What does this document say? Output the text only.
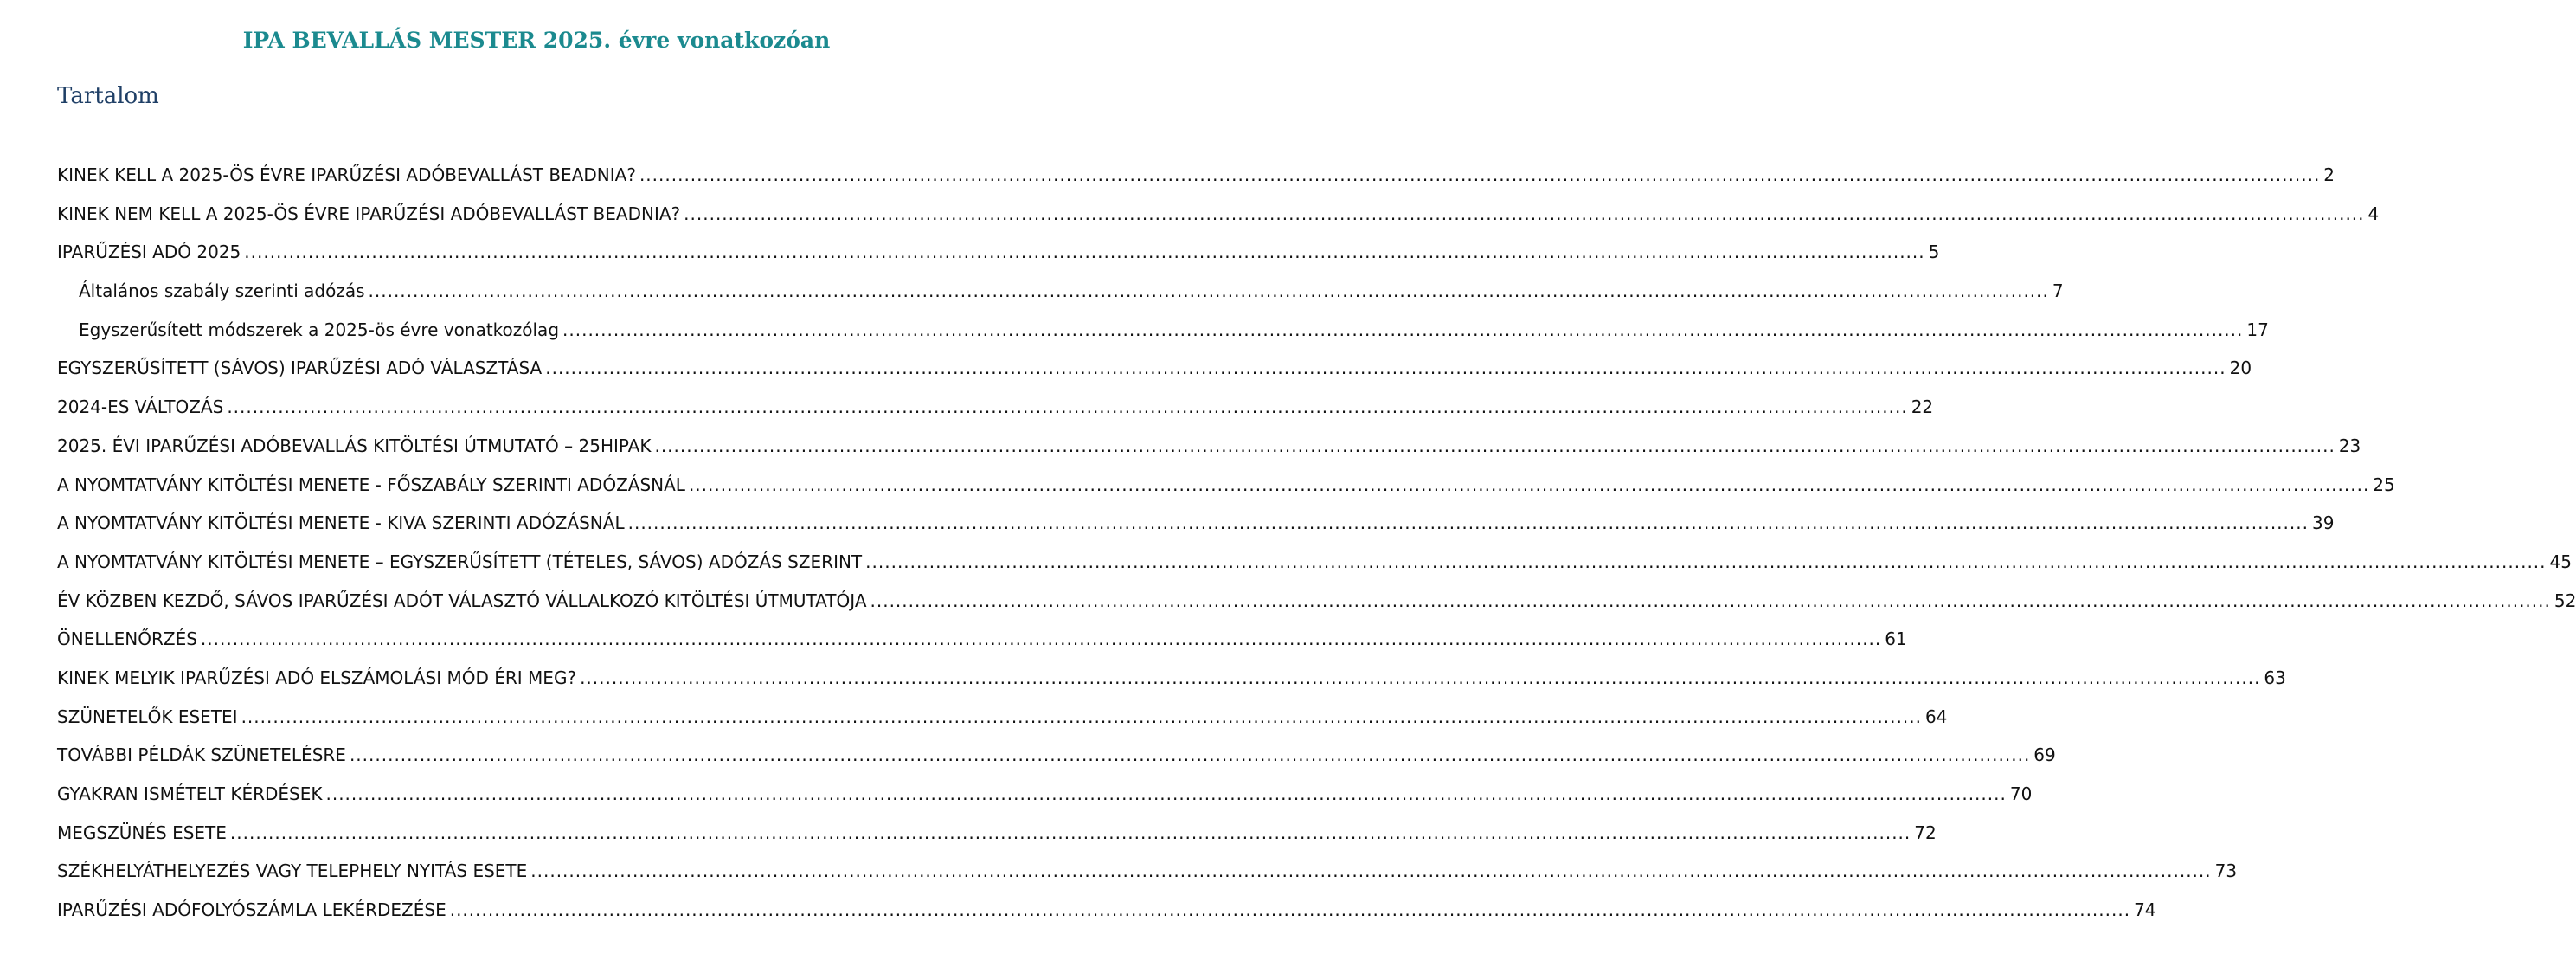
IPA BEVALLÁS MESTER 2025. évre vonatkozóan
Tartalom
KINEK KELL A 2025-ÖS ÉVRE IPARŰZÉSI ADÓBEVALLÁST BEADNIA? .....	2
KINEK NEM KELL A 2025-ÖS ÉVRE IPARŰZÉSI ADÓBEVALLÁST BEADNIA? .....	4
IPARŰZÉSI ADÓ 2025 .....	5
Általános szabály szerinti adózás .....	7
Egyszerűsített módszerek a 2025-ös évre vonatkozólag .....	17
EGYSZERŰSÍTETT (SÁVOS) IPARŰZÉSI ADÓ VÁLASZTÁSA .....	20
2024-ES VÁLTOZÁS .....	22
2025. ÉVI IPARŰZÉSI ADÓBEVALLÁS KITÖLTÉSI ÚTMUTATÓ – 25HIPAK .....	23
A NYOMTATVÁNY KITÖLTÉSI MENETE - FŐSZABÁLY SZERINTI ADÓZÁSNÁL .....	25
A NYOMTATVÁNY KITÖLTÉSI MENETE - KIVA SZERINTI ADÓZÁSNÁL .....	39
A NYOMTATVÁNY KITÖLTÉSI MENETE – EGYSZERŰSÍTETT (TÉTELES, SÁVOS) ADÓZÁS SZERINT .....	45
ÉV KÖZBEN KEZDŐ, SÁVOS IPARŰZÉSI ADÓT VÁLASZTÓ VÁLLALKOZÓ KITÖLTÉSI ÚTMUTATÓJA .....	52
ÖNELLENŐRZÉS .....	61
KINEK MELYIK IPARŰZÉSI ADÓ ELSZÁMOLÁSI MÓD ÉRI MEG? .....	63
SZÜNETELŐK ESETEI .....	64
TOVÁBBI PÉLDÁK SZÜNETELÉSRE .....	69
GYAKRAN ISMÉTELT KÉRDÉSEK .....	70
MEGSZÜNÉS ESETE .....	72
SZÉKHELYÁTHELYEZÉS VAGY TELEPHELY NYITÁS ESETE .....	73
IPARŰZÉSI ADÓFOLYÓSZÁMLA LEKÉRDEZÉSE .....	74
